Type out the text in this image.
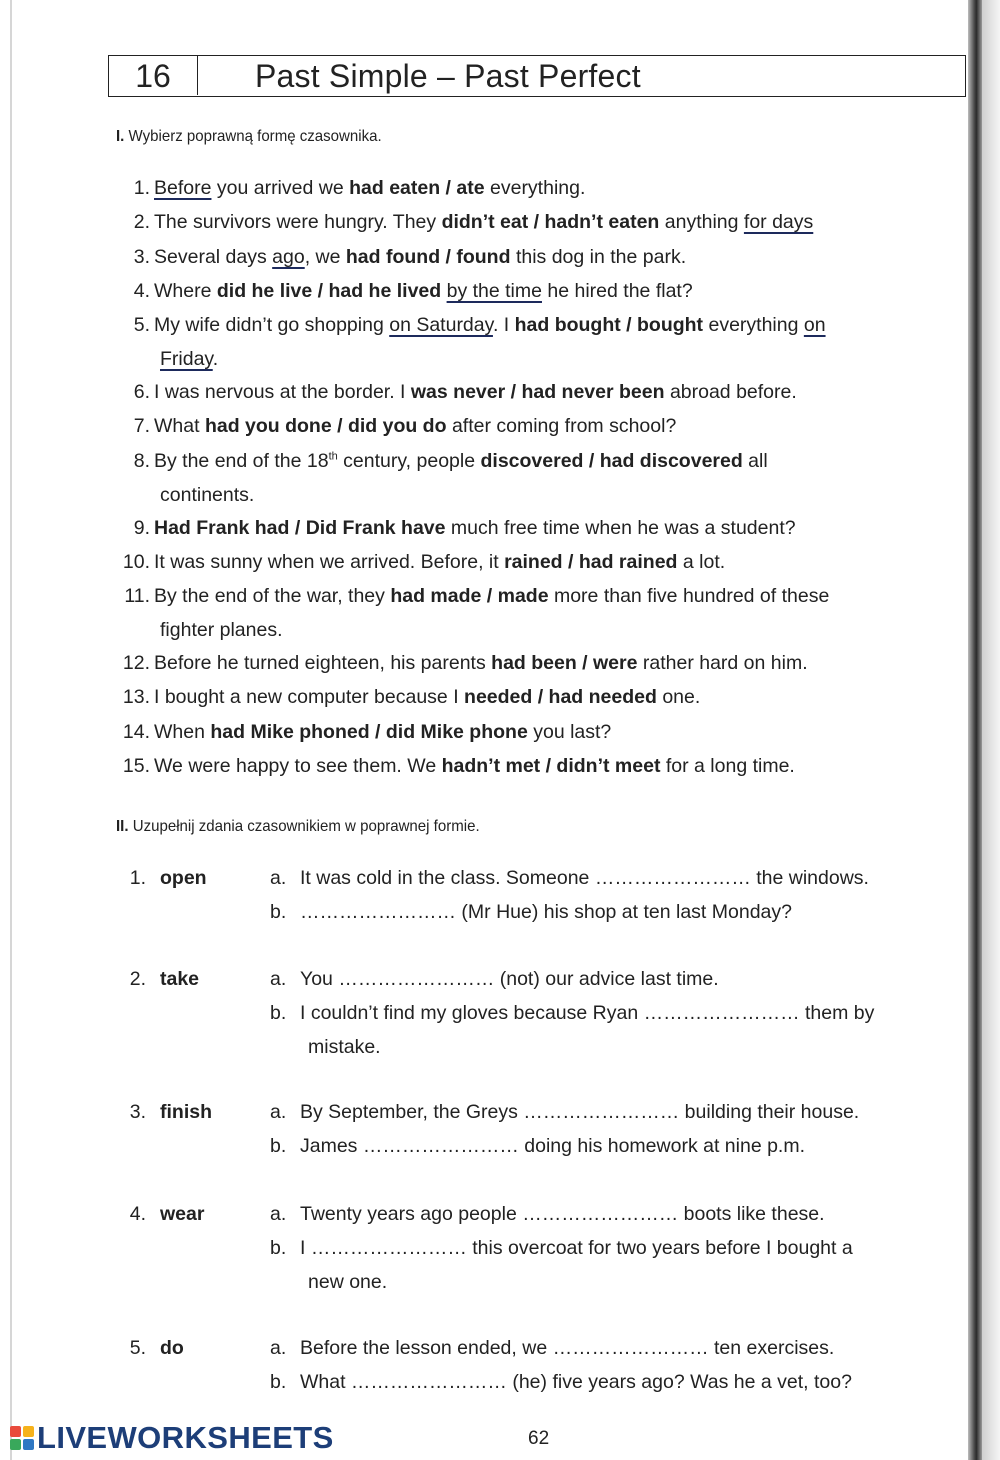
16	Past Simple – Past Perfect
I. Wybierz poprawną formę czasownika.
1. Before you arrived we had eaten / ate everything.
2. The survivors were hungry. They didn’t eat / hadn’t eaten anything for days
3. Several days ago, we had found / found this dog in the park.
4. Where did he live / had he lived by the time he hired the flat?
5. My wife didn’t go shopping on Saturday. I had bought / bought everything on
Friday.
6. I was nervous at the border. I was never / had never been abroad before.
7. What had you done / did you do after coming from school?
8. By the end of the 18th century, people discovered / had discovered all
continents.
9. Had Frank had / Did Frank have much free time when he was a student?
10. It was sunny when we arrived. Before, it rained / had rained a lot.
11. By the end of the war, they had made / made more than five hundred of these
fighter planes.
12. Before he turned eighteen, his parents had been / were rather hard on him.
13. I bought a new computer because I needed / had needed one.
14. When had Mike phoned / did Mike phone you last?
15. We were happy to see them. We hadn’t met / didn’t meet for a long time.
II. Uzupełnij zdania czasownikiem w poprawnej formie.
1. open	a. It was cold in the class. Someone …………………… the windows.
b. …………………… (Mr Hue) his shop at ten last Monday?
2. take	a. You …………………… (not) our advice last time.
b. I couldn’t find my gloves because Ryan …………………… them by
mistake.
3. finish	a. By September, the Greys …………………… building their house.
b. James …………………… doing his homework at nine p.m.
4. wear	a. Twenty years ago people …………………… boots like these.
b. I …………………… this overcoat for two years before I bought a
new one.
5. do	a. Before the lesson ended, we …………………… ten exercises.
b. What …………………… (he) five years ago? Was he a vet, too?
LIVEWORKSHEETS	62
